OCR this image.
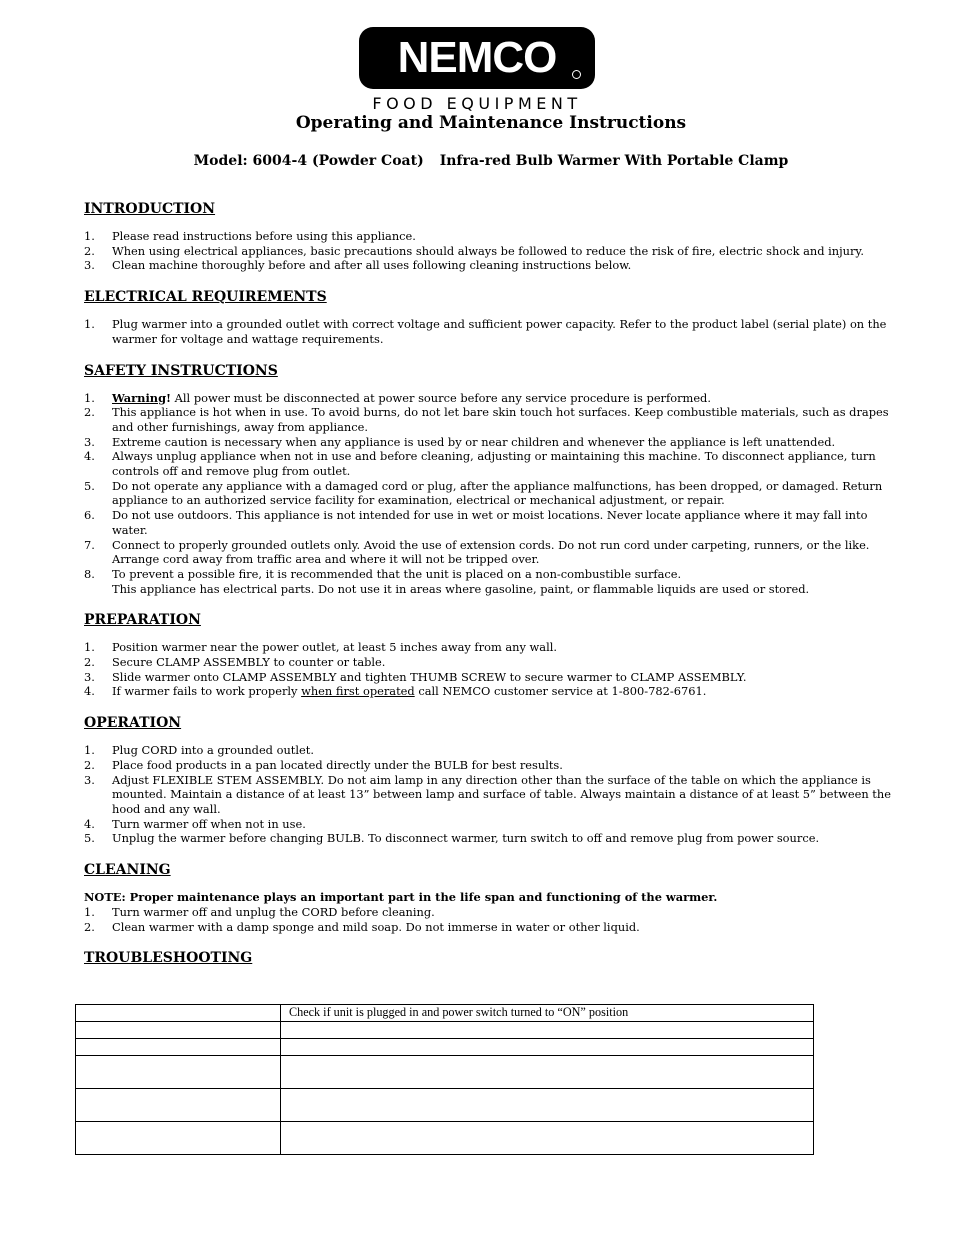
NEMCO
FOOD EQUIPMENT
Operating and Maintenance Instructions
Model: 6004-4 (Powder Coat) Infra-red Bulb Warmer With Portable Clamp
INTRODUCTION
1. Please read instructions before using this appliance.
2. When using electrical appliances, basic precautions should always be followed to reduce the risk of fire, electric shock and injury.
3. Clean machine thoroughly before and after all uses following cleaning instructions below.
ELECTRICAL REQUIREMENTS
1. Plug warmer into a grounded outlet with correct voltage and sufficient power capacity. Refer to the product label (serial plate) on the warmer for voltage and wattage requirements.
SAFETY INSTRUCTIONS
1. Warning! All power must be disconnected at power source before any service procedure is performed.
2. This appliance is hot when in use. To avoid burns, do not let bare skin touch hot surfaces. Keep combustible materials, such as drapes and other furnishings, away from appliance.
3. Extreme caution is necessary when any appliance is used by or near children and whenever the appliance is left unattended.
4. Always unplug appliance when not in use and before cleaning, adjusting or maintaining this machine. To disconnect appliance, turn controls off and remove plug from outlet.
5. Do not operate any appliance with a damaged cord or plug, after the appliance malfunctions, has been dropped, or damaged. Return appliance to an authorized service facility for examination, electrical or mechanical adjustment, or repair.
6. Do not use outdoors. This appliance is not intended for use in wet or moist locations. Never locate appliance where it may fall into water.
7. Connect to properly grounded outlets only. Avoid the use of extension cords. Do not run cord under carpeting, runners, or the like. Arrange cord away from traffic area and where it will not be tripped over.
8. To prevent a possible fire, it is recommended that the unit is placed on a non-combustible surface.
This appliance has electrical parts. Do not use it in areas where gasoline, paint, or flammable liquids are used or stored.
PREPARATION
1. Position warmer near the power outlet, at least 5 inches away from any wall.
2. Secure CLAMP ASSEMBLY to counter or table.
3. Slide warmer onto CLAMP ASSEMBLY and tighten THUMB SCREW to secure warmer to CLAMP ASSEMBLY.
4. If warmer fails to work properly when first operated call NEMCO customer service at 1-800-782-6761.
OPERATION
1. Plug CORD into a grounded outlet.
2. Place food products in a pan located directly under the BULB for best results.
3. Adjust FLEXIBLE STEM ASSEMBLY. Do not aim lamp in any direction other than the surface of the table on which the appliance is mounted. Maintain a distance of at least 13” between lamp and surface of table. Always maintain a distance of at least 5” between the hood and any wall.
4. Turn warmer off when not in use.
5. Unplug the warmer before changing BULB. To disconnect warmer, turn switch to off and remove plug from power source.
CLEANING
NOTE: Proper maintenance plays an important part in the life span and functioning of the warmer.
1. Turn warmer off and unplug the CORD before cleaning.
2. Clean warmer with a damp sponge and mild soap. Do not immerse in water or other liquid.
TROUBLESHOOTING
	Check if unit is plugged in and power switch turned to “ON” position
